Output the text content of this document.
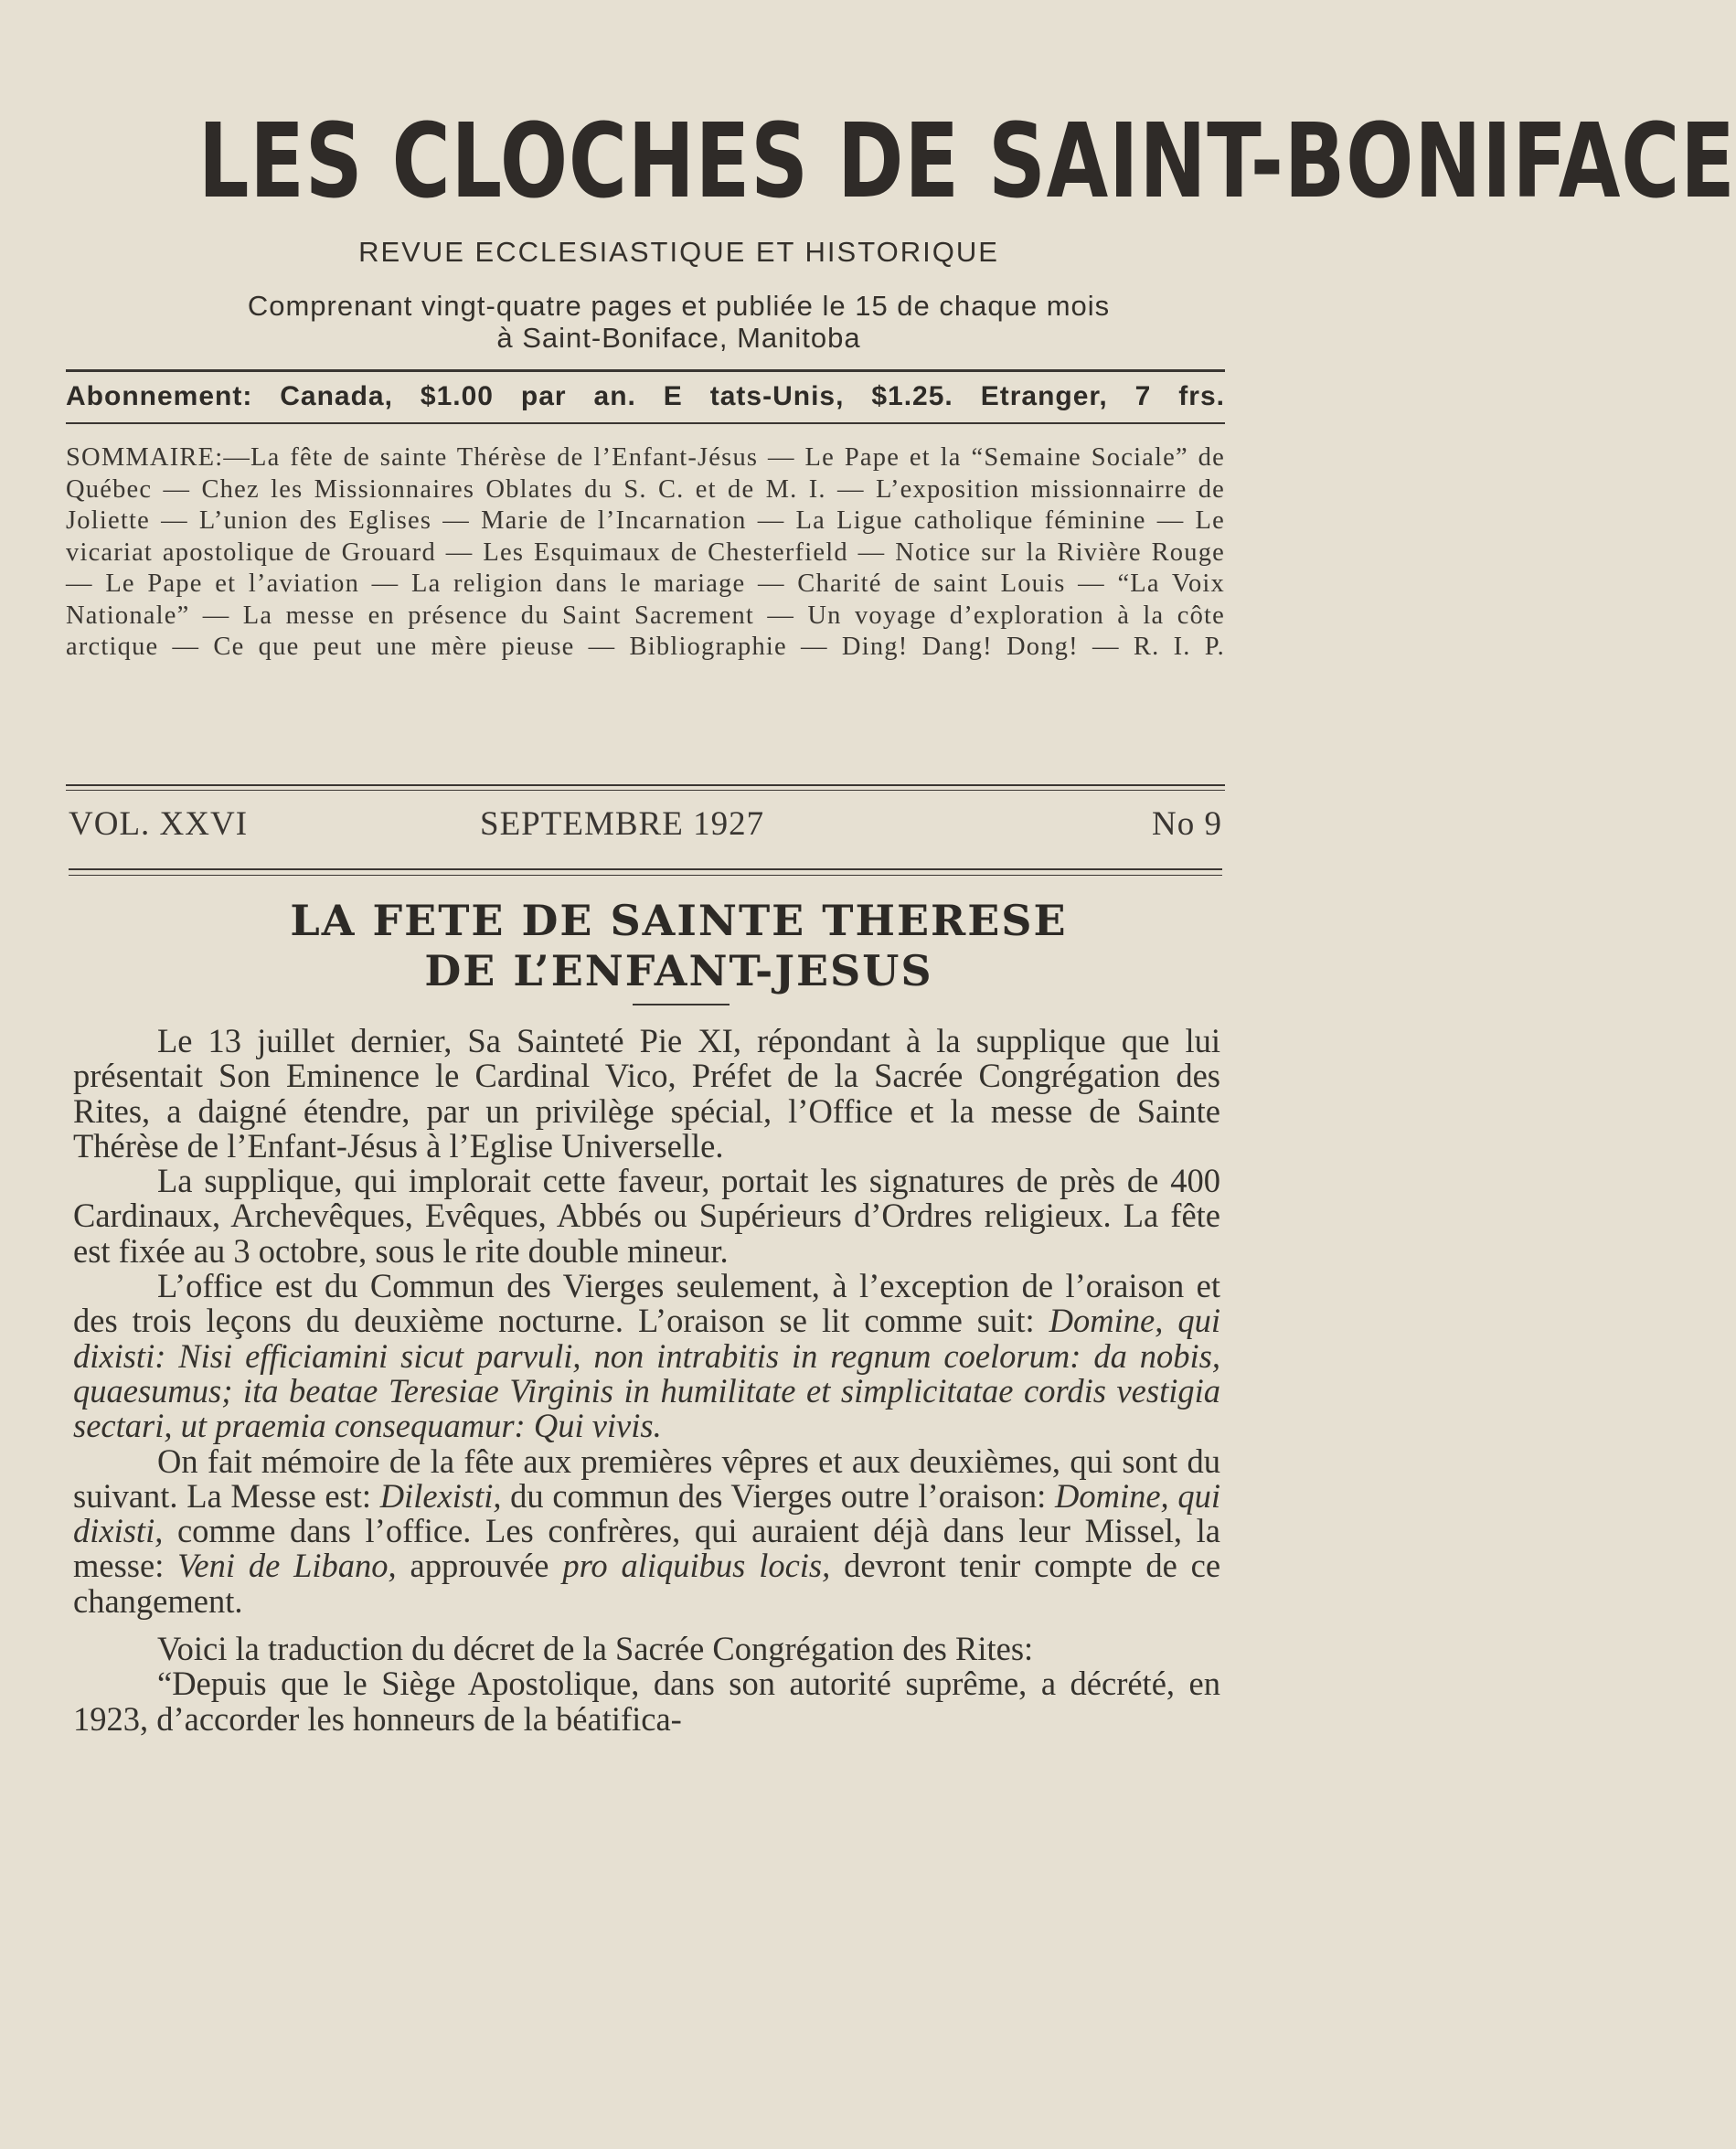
LES CLOCHES DE SAINT-BONIFACE
REVUE ECCLESIASTIQUE ET HISTORIQUE
Comprenant vingt-quatre pages et publiée le 15 de chaque mois
à Saint-Boniface, Manitoba
Abonnement: Canada, $1.00 par an. E tats-Unis, $1.25. Etranger, 7 frs.
SOMMAIRE:—La fête de sainte Thérèse de l’Enfant-Jésus — Le Pape et la “Semaine Sociale” de Québec — Chez les Missionnaires Oblates du S. C. et de M. I. — L’exposition missionnairre de Joliette — L’union des Eglises — Marie de l’Incarnation — La Ligue catholique féminine — Le vicariat apostolique de Grouard — Les Esquimaux de Chesterfield — Notice sur la Rivière Rouge — Le Pape et l’aviation — La religion dans le mariage — Charité de saint Louis — “La Voix Nationale” — La messe en présence du Saint Sacrement — Un voyage d’exploration à la côte arctique — Ce que peut une mère pieuse — Bibliographie — Ding! Dang! Dong! — R. I. P.
VOL. XXVI	SEPTEMBRE 1927	No 9
LA FETE DE SAINTE THERESE
DE L’ENFANT-JESUS

Le 13 juillet dernier, Sa Sainteté Pie XI, répondant à la supplique que lui présentait Son Eminence le Cardinal Vico, Préfet de la Sacrée Congrégation des Rites, a daigné étendre, par un privilège spécial, l’Office et la messe de Sainte Thérèse de l’Enfant-Jésus à l’Eglise Universelle.

La supplique, qui implorait cette faveur, portait les signatures de près de 400 Cardinaux, Archevêques, Evêques, Abbés ou Supérieurs d’Ordres religieux. La fête est fixée au 3 octobre, sous le rite double mineur.

L’office est du Commun des Vierges seulement, à l’exception de l’oraison et des trois leçons du deuxième nocturne. L’oraison se lit comme suit: Domine, qui dixisti: Nisi efficiamini sicut parvuli, non intrabitis in regnum coelorum: da nobis, quaesumus; ita beatae Teresiae Virginis in humilitate et simplicitatae cordis vestigia sectari, ut praemia consequamur: Qui vivis.

On fait mémoire de la fête aux premières vêpres et aux deuxièmes, qui sont du suivant. La Messe est: Dilexisti, du commun des Vierges outre l’oraison: Domine, qui dixisti, comme dans l’office. Les confrères, qui auraient déjà dans leur Missel, la messe: Veni de Libano, approuvée pro aliquibus locis, devront tenir compte de ce changement.

Voici la traduction du décret de la Sacrée Congrégation des Rites:

“Depuis que le Siège Apostolique, dans son autorité suprême, a décrété, en 1923, d’accorder les honneurs de la béatifica-
